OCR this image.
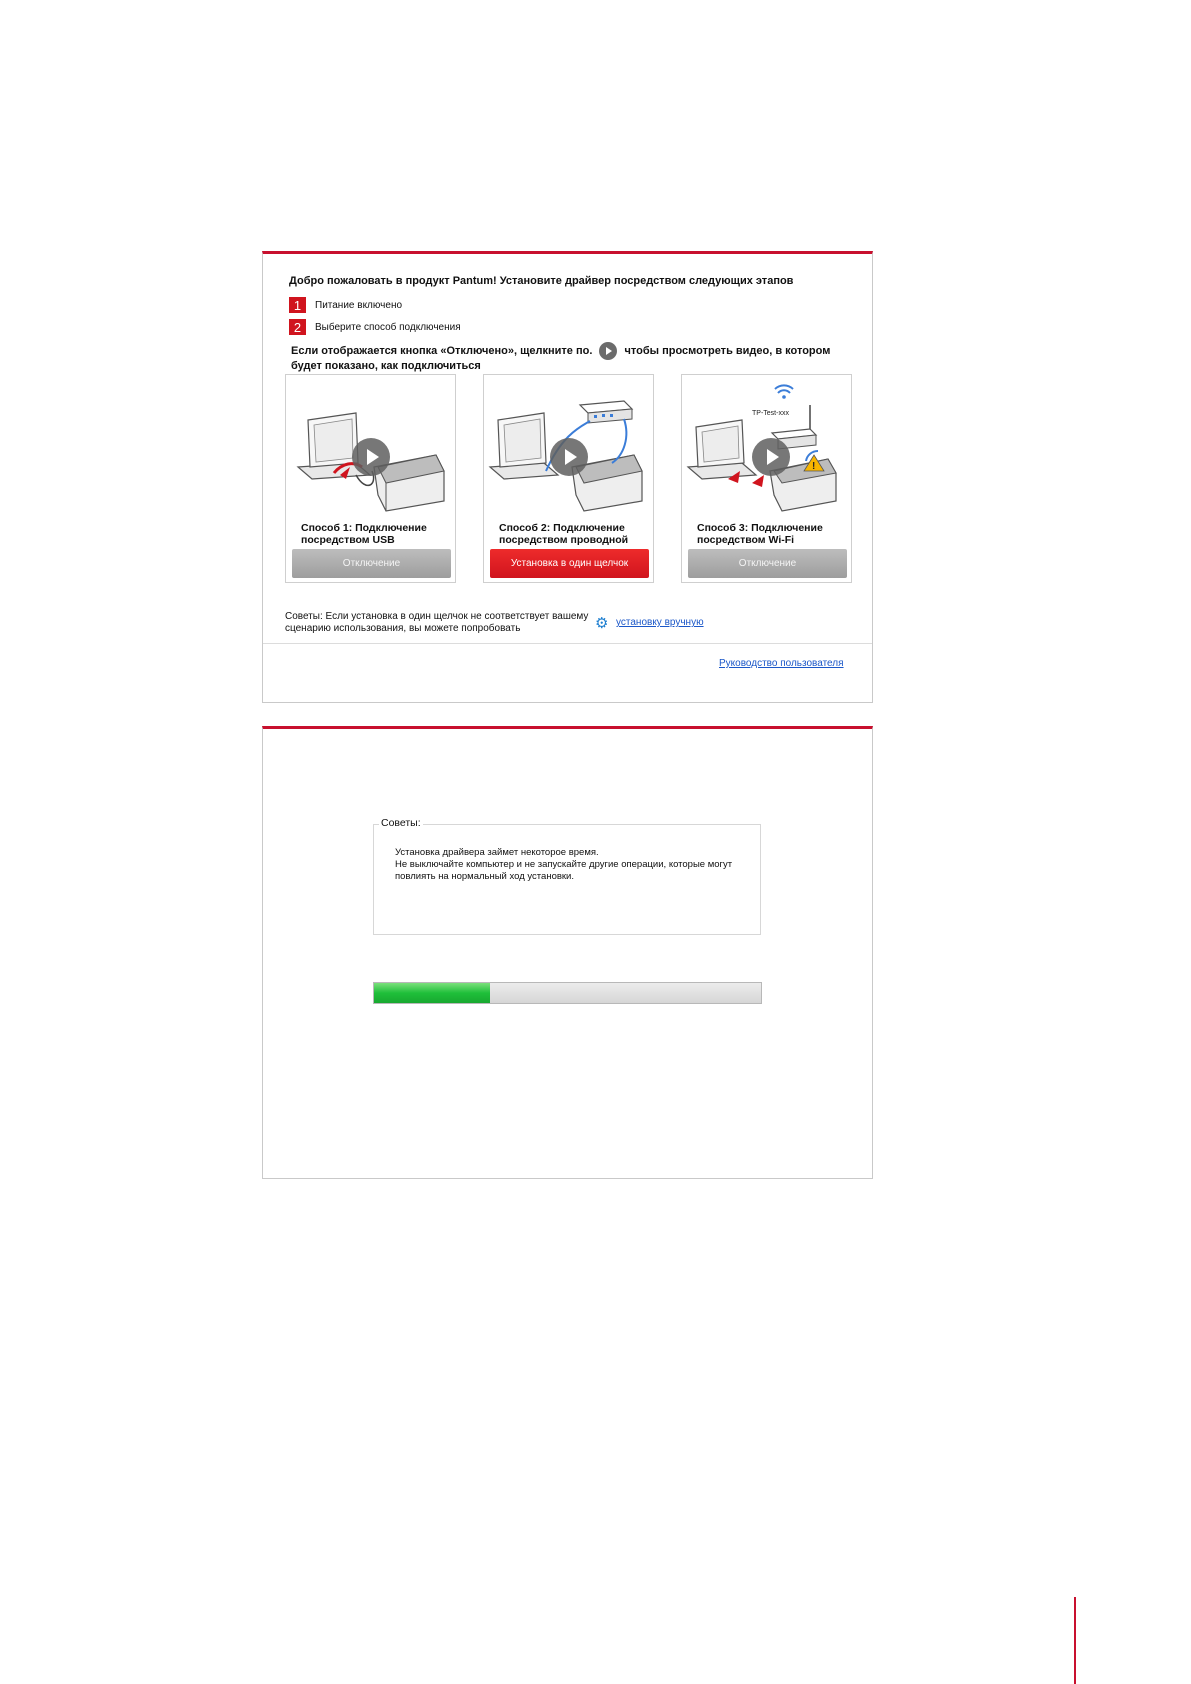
Добро пожаловать в продукт Pantum! Установите драйвер посредством следующих этапов
1	Питание включено
2	Выберите способ подключения
Если отображается кнопка «Отключено», щелкните по.	чтобы просмотреть видео, в котором будет показано, как подключиться
Способ 1: Подключение посредством USB
Отключение
Способ 2: Подключение посредством проводной
Установка в один щелчок
TP-Test-xxx
!
Способ 3: Подключение посредством Wi-Fi
Отключение
Советы: Если установка в один щелчок не соответствует вашему сценарию использования, вы можете попробовать	⚙ установку вручную
Руководство пользователя
Советы:
Установка драйвера займет некоторое время.
Не выключайте компьютер и не запускайте другие операции, которые могут повлиять на нормальный ход установки.
